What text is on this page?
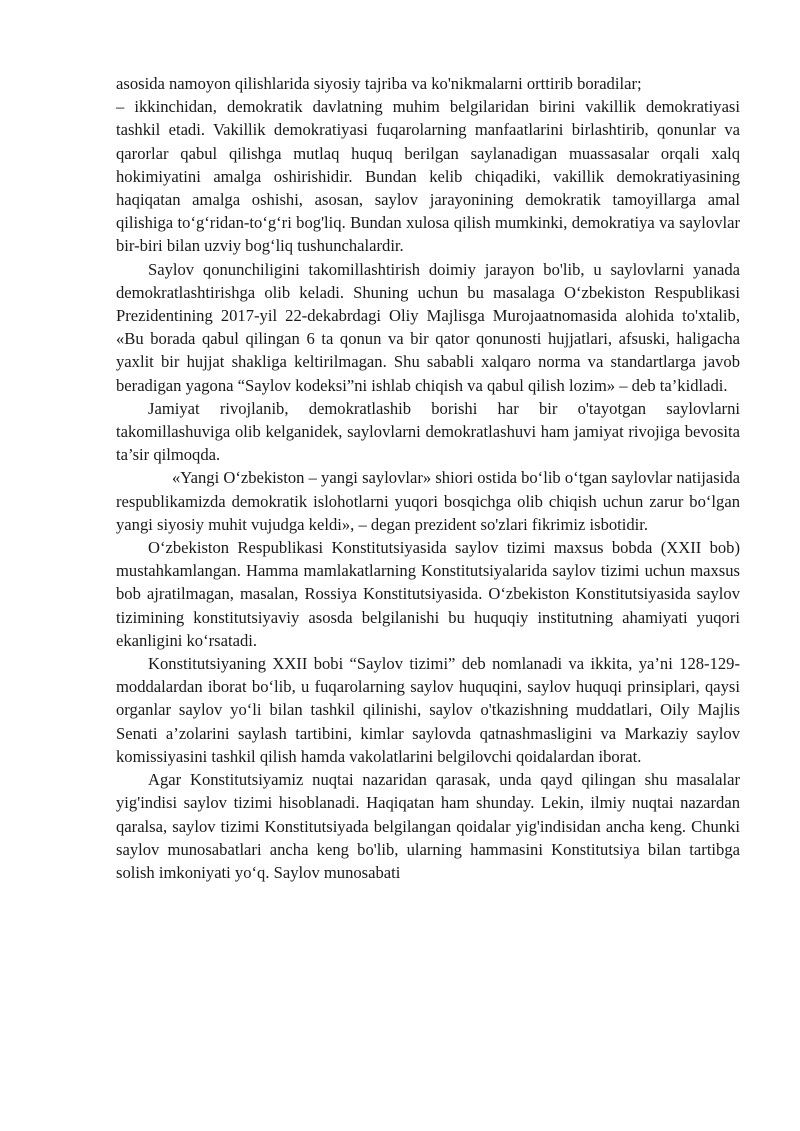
asosida namoyon qilishlarida siyosiy tajriba va ko'nikmalarni orttirib boradilar;

– ikkinchidan, demokratik davlatning muhim belgilaridan birini vakillik demokratiyasi tashkil etadi. Vakillik demokratiyasi fuqarolarning manfaatlarini birlashtirib, qonunlar va qarorlar qabul qilishga mutlaq huquq berilgan saylanadigan muassasalar orqali xalq hokimiyatini amalga oshirishidir. Bundan kelib chiqadiki, vakillik demokratiyasining haqiqatan amalga oshishi, asosan, saylov jarayonining demokratik tamoyillarga amal qilishiga to‘g‘ridan-to‘g‘ri bog'liq. Bundan xulosa qilish mumkinki, demokratiya va saylovlar bir-biri bilan uzviy bog‘liq tushunchalardir.

Saylov qonunchiligini takomillashtirish doimiy jarayon bo'lib, u saylovlarni yanada demokratlashtirishga olib keladi. Shuning uchun bu masalaga O‘zbekiston Respublikasi Prezidentining 2017-yil 22-dekabrdagi Oliy Majlisga Murojaatnomasida alohida to'xtalib, «Bu borada qabul qilingan 6 ta qonun va bir qator qonunosti hujjatlari, afsuski, haligacha yaxlit bir hujjat shakliga keltirilmagan. Shu sababli xalqaro norma va standartlarga javob beradigan yagona “Saylov kodeksi”ni ishlab chiqish va qabul qilish lozim» – deb ta’kidladi.

Jamiyat rivojlanib, demokratlashib borishi har bir o'tayotgan saylovlarni takomillashuviga olib kelganidek, saylovlarni demokratlashuvi ham jamiyat rivojiga bevosita ta’sir qilmoqda.

«Yangi O‘zbekiston – yangi saylovlar» shiori ostida bo‘lib o‘tgan saylovlar natijasida respublikamizda demokratik islohotlarni yuqori bosqichga olib chiqish uchun zarur bo‘lgan yangi siyosiy muhit vujudga keldi», – degan prezident so'zlari fikrimiz isbotidir.

O‘zbekiston Respublikasi Konstitutsiyasida saylov tizimi maxsus bobda (XXII bob) mustahkamlangan. Hamma mamlakatlarning Konstitutsiyalarida saylov tizimi uchun maxsus bob ajratilmagan, masalan, Rossiya Konstitutsiyasida. O‘zbekiston Konstitutsiyasida saylov tizimining konstitutsiyaviy asosda belgilanishi bu huquqiy institutning ahamiyati yuqori ekanligini ko‘rsatadi.

Konstitutsiyaning XXII bobi “Saylov tizimi” deb nomlanadi va ikkita, ya’ni 128-129-moddalardan iborat bo‘lib, u fuqarolarning saylov huquqini, saylov huquqi prinsiplari, qaysi organlar saylov yo‘li bilan tashkil qilinishi, saylov o'tkazishning muddatlari, Oily Majlis Senati a’zolarini saylash tartibini, kimlar saylovda qatnashmasligini va Markaziy saylov komissiyasini tashkil qilish hamda vakolatlarini belgilovchi qoidalardan iborat.

Agar Konstitutsiyamiz nuqtai nazaridan qarasak, unda qayd qilingan shu masalalar yig'indisi saylov tizimi hisoblanadi. Haqiqatan ham shunday. Lekin, ilmiy nuqtai nazardan qaralsa, saylov tizimi Konstitutsiyada belgilangan qoidalar yig'indisidan ancha keng. Chunki saylov munosabatlari ancha keng bo'lib, ularning hammasini Konstitutsiya bilan tartibga solish imkoniyati yo‘q. Saylov munosabati
